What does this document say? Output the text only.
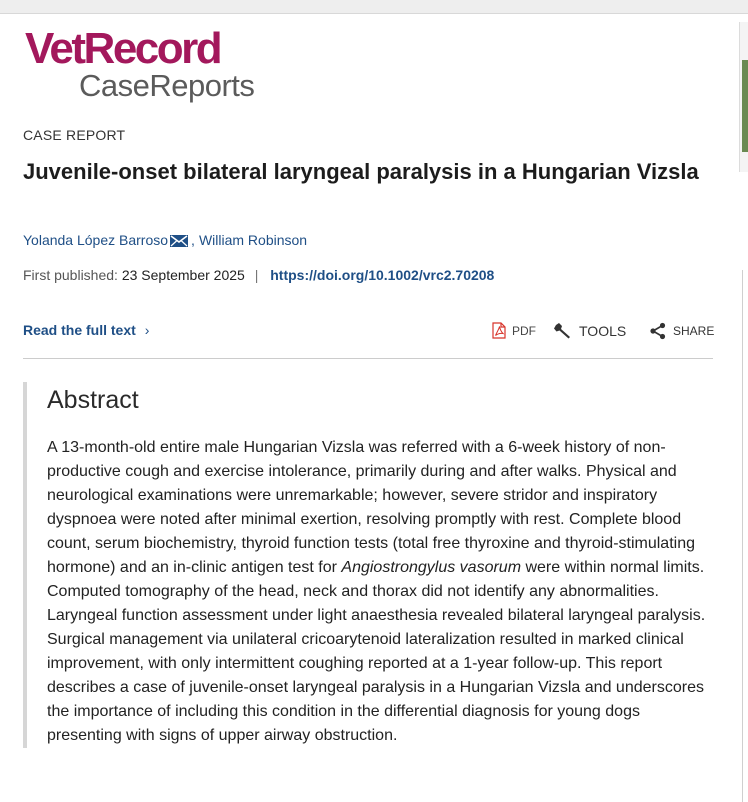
VetRecord
CaseReports
CASE REPORT
Juvenile-onset bilateral laryngeal paralysis in a Hungarian Vizsla
Yolanda López Barroso , William Robinson
First published: 23 September 2025 | https://doi.org/10.1002/vrc2.70208
Read the full text ›	PDF	TOOLS	SHARE
Abstract

A 13-month-old entire male Hungarian Vizsla was referred with a 6-week history of non-productive cough and exercise intolerance, primarily during and after walks. Physical and neurological examinations were unremarkable; however, severe stridor and inspiratory dyspnoea were noted after minimal exertion, resolving promptly with rest. Complete blood count, serum biochemistry, thyroid function tests (total free thyroxine and thyroid-stimulating hormone) and an in-clinic antigen test for Angiostrongylus vasorum were within normal limits. Computed tomography of the head, neck and thorax did not identify any abnormalities. Laryngeal function assessment under light anaesthesia revealed bilateral laryngeal paralysis. Surgical management via unilateral cricoarytenoid lateralization resulted in marked clinical improvement, with only intermittent coughing reported at a 1-year follow-up. This report describes a case of juvenile-onset laryngeal paralysis in a Hungarian Vizsla and underscores the importance of including this condition in the differential diagnosis for young dogs presenting with signs of upper airway obstruction.
